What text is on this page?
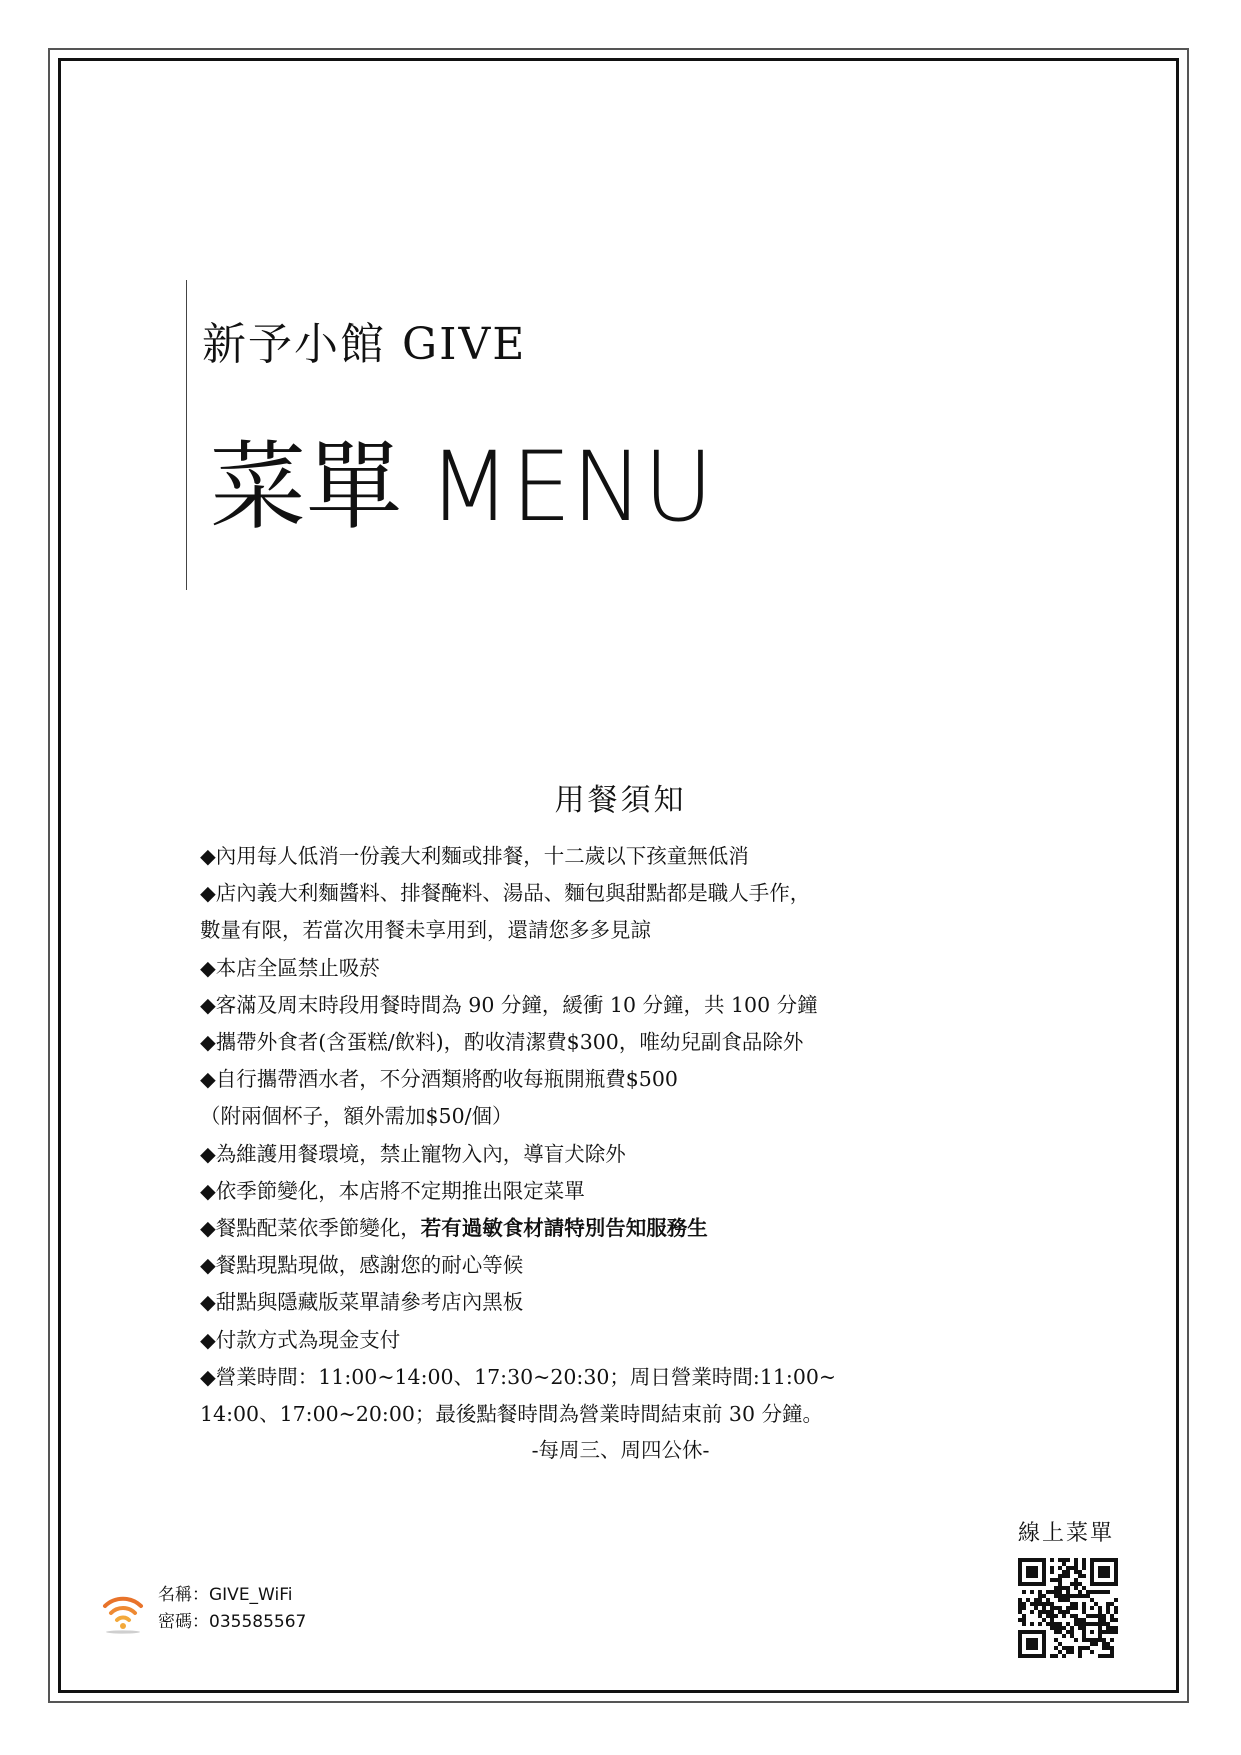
新予小館 GIVE
菜單 MENU
用餐須知
◆內用每人低消一份義大利麵或排餐，十二歲以下孩童無低消
◆店內義大利麵醬料、排餐醃料、湯品、麵包與甜點都是職人手作，
數量有限，若當次用餐未享用到，還請您多多見諒
◆本店全區禁止吸菸
◆客滿及周末時段用餐時間為 90 分鐘，緩衝 10 分鐘，共 100 分鐘
◆攜帶外食者(含蛋糕/飲料)，酌收清潔費$300，唯幼兒副食品除外
◆自行攜帶酒水者，不分酒類將酌收每瓶開瓶費$500
（附兩個杯子，額外需加$50/個）
◆為維護用餐環境，禁止寵物入內，導盲犬除外
◆依季節變化，本店將不定期推出限定菜單
◆餐點配菜依季節變化，若有過敏食材請特別告知服務生
◆餐點現點現做，感謝您的耐心等候
◆甜點與隱藏版菜單請參考店內黑板
◆付款方式為現金支付
◆營業時間：11:00~14:00、17:30~20:30；周日營業時間:11:00~
14:00、17:00~20:00；最後點餐時間為營業時間結束前 30 分鐘。
-每周三、周四公休-
線上菜單
名稱：GIVE_WiFi
密碼：035585567
